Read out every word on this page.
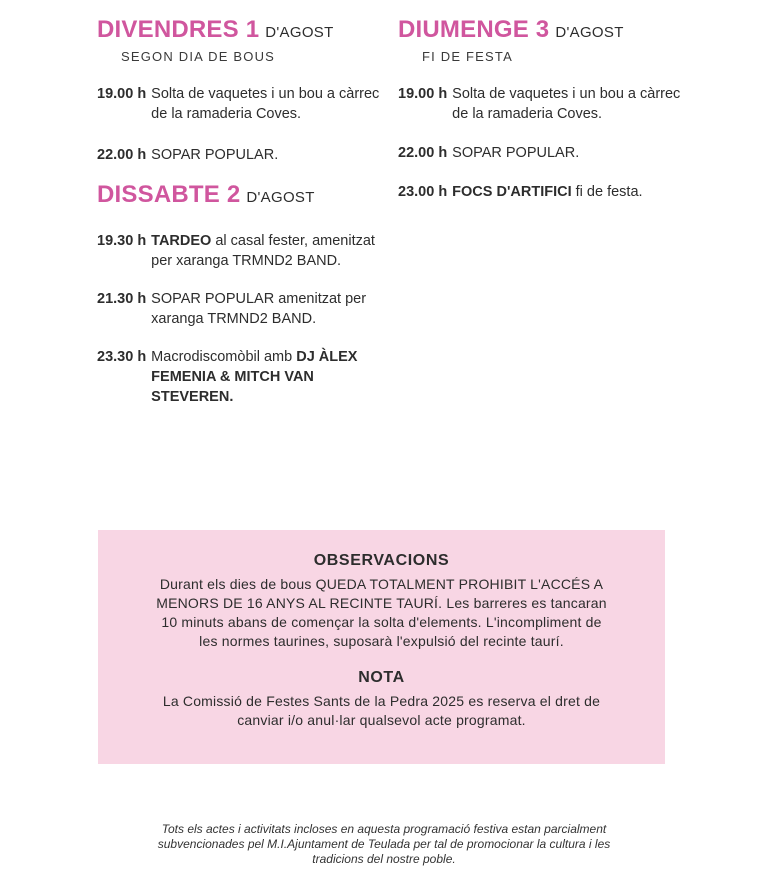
DIVENDRES 1 D'AGOST

SEGON DIA DE BOUS
19.00 h Solta de vaquetes i un bou a càrrec de la ramaderia Coves.
22.00 h SOPAR POPULAR.

DISSABTE 2 D'AGOST

19.30 h TARDEO al casal fester, amenitzat per xaranga TRMND2 BAND.
21.30 h SOPAR POPULAR amenitzat per xaranga TRMND2 BAND.
23.30 h Macrodiscomòbil amb DJ ÀLEX FEMENIA & MITCH VAN STEVEREN.

DIUMENGE 3 D'AGOST

FI DE FESTA
19.00 h Solta de vaquetes i un bou a càrrec de la ramaderia Coves.
22.00 h SOPAR POPULAR.
23.00 h FOCS D'ARTIFICI fi de festa.
OBSERVACIONS

Durant els dies de bous QUEDA TOTALMENT PROHIBIT L'ACCÉS A

MENORS DE 16 ANYS AL RECINTE TAURÍ. Les barreres es tancaran

10 minuts abans de començar la solta d'elements. L'incompliment de

les normes taurines, suposarà l'expulsió del recinte taurí.

NOTA

La Comissió de Festes Sants de la Pedra 2025 es reserva el dret de

canviar i/o anul·lar qualsevol acte programat.

Tots els actes i activitats incloses en aquesta programació festiva estan parcialment
subvencionades pel M.I.Ajuntament de Teulada per tal de promocionar la cultura i les
tradicions del nostre poble.
